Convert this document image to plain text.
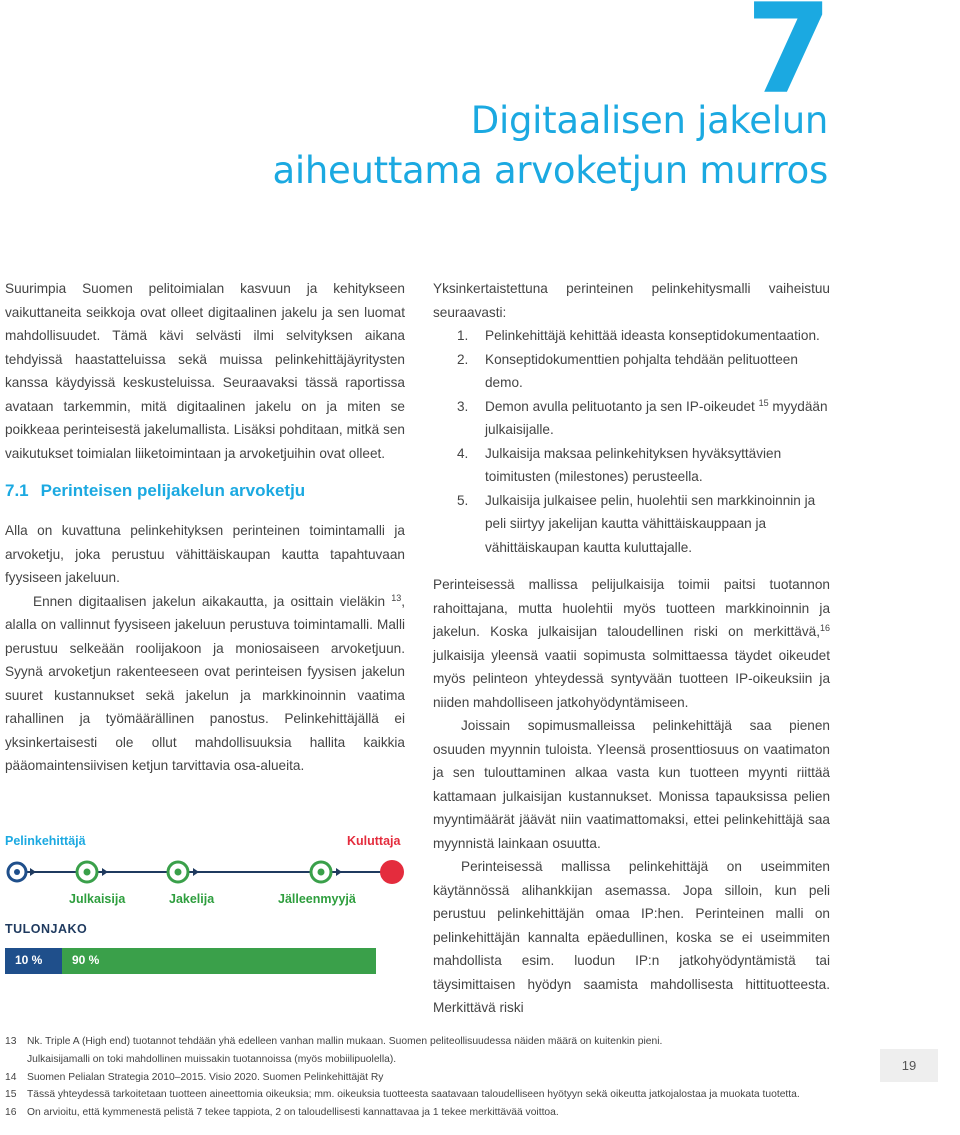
7
Digitaalisen jakelun
aiheuttama arvoketjun murros

Suurimpia Suomen pelitoimialan kasvuun ja kehitykseen vaikuttaneita seikkoja ovat olleet digitaalinen jakelu ja sen luomat mahdollisuudet. Tämä kävi selvästi ilmi selvityksen aikana tehdyissä haastatteluissa sekä muissa pelinkehittäjäyritysten kanssa käydyissä keskusteluissa. Seuraavaksi tässä raportissa avataan tarkemmin, mitä digitaalinen jakelu on ja miten se poikkeaa perinteisestä jakelumallista. Lisäksi pohditaan, mitkä sen vaikutukset toimialan liiketoimintaan ja arvoketjuihin ovat olleet.

7.1 Perinteisen pelijakelun arvoketju

Alla on kuvattuna pelinkehityksen perinteinen toimintamalli ja arvoketju, joka perustuu vähittäiskaupan kautta tapahtuvaan fyysiseen jakeluun.

Ennen digitaalisen jakelun aikakautta, ja osittain vieläkin $^{13}$, alalla on vallinnut fyysiseen jakeluun perustuva toimintamalli. Malli perustuu selkeään roolijakoon ja moniosaiseen arvoketjuun. Syynä arvoketjun rakenteeseen ovat perinteisen fyysisen jakelun suuret kustannukset sekä jakelun ja markkinoinnin vaatima rahallinen ja työmäärällinen panostus. Pelinkehittäjällä ei yksinkertaisesti ole ollut mahdollisuuksia hallita kaikkia pääomaintensiivisen ketjun tarvittavia osa-alueita.

Pelinkehittäjä	Kuluttaja
Julkaisija	Jakelija	Jälleenmyyjä
TULONJAKO
10 % 90 %

Yksinkertaistettuna perinteinen pelinkehitysmalli vaiheistuu seuraavasti:

1. Pelinkehittäjä kehittää ideasta konseptidokumentaation.
2. Konseptidokumenttien pohjalta tehdään pelituotteen demo.
3. Demon avulla pelituotanto ja sen IP-oikeudet $^{15}$ myydään julkaisijalle.
4. Julkaisija maksaa pelinkehityksen hyväksyttävien toimitusten (milestones) perusteella.
5. Julkaisija julkaisee pelin, huolehtii sen markkinoinnin ja peli siirtyy jakelijan kautta vähittäiskauppaan ja vähittäiskaupan kautta kuluttajalle.

Perinteisessä mallissa pelijulkaisija toimii paitsi tuotannon rahoittajana, mutta huolehtii myös tuotteen markkinoinnin ja jakelun. Koska julkaisijan taloudellinen riski on merkittävä,$^{16}$ julkaisija yleensä vaatii sopimusta solmittaessa täydet oikeudet myös pelinteon yhteydessä syntyvään tuotteen IP-oikeuksiin ja niiden mahdolliseen jatkohyödyntämiseen.

Joissain sopimusmalleissa pelinkehittäjä saa pienen osuuden myynnin tuloista. Yleensä prosenttiosuus on vaatimaton ja sen tulouttaminen alkaa vasta kun tuotteen myynti riittää kattamaan julkaisijan kustannukset. Monissa tapauksissa pelien myyntimäärät jäävät niin vaatimattomaksi, ettei pelinkehittäjä saa myynnistä lainkaan osuutta.

Perinteisessä mallissa pelinkehittäjä on useimmiten käytännössä alihankkijan asemassa. Jopa silloin, kun peli perustuu pelinkehittäjän omaa IP:hen. Perinteinen malli on pelinkehittäjän kannalta epäedullinen, koska se ei useimmiten mahdollista esim. luodun IP:n jatkohyödyntämistä tai täysimittaisen hyödyn saamista mahdollisesta hittituotteesta. Merkittävä riski

13 Nk. Triple A (High end) tuotannot tehdään yhä edelleen vanhan mallin mukaan. Suomen peliteollisuudessa näiden määrä on kuitenkin pieni.
Julkaisijamalli on toki mahdollinen muissakin tuotannoissa (myös mobiilipuolella).
14 Suomen Pelialan Strategia 2010–2015. Visio 2020. Suomen Pelinkehittäjät Ry
15 Tässä yhteydessä tarkoitetaan tuotteen aineettomia oikeuksia; mm. oikeuksia tuotteesta saatavaan taloudelliseen hyötyyn sekä oikeutta jatkojalostaa ja muokata tuotetta.
16 On arvioitu, että kymmenestä pelistä 7 tekee tappiota, 2 on taloudellisesti kannattavaa ja 1 tekee merkittävää voittoa.
19
